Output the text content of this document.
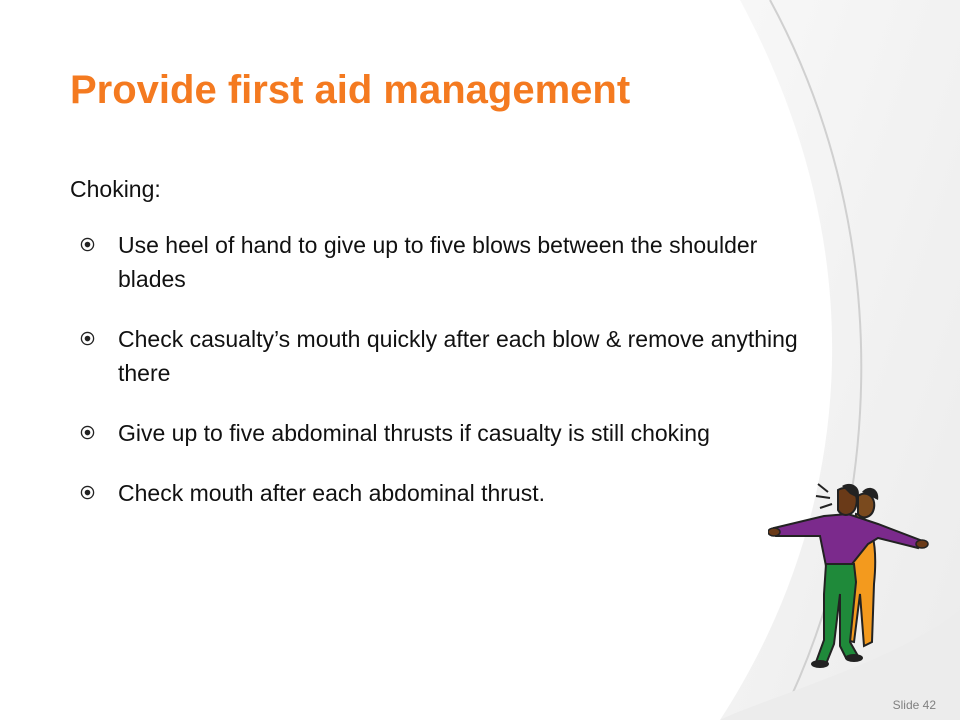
Provide first aid management

Choking:

Use heel of hand to give up to five blows between the shoulder blades
Check casualty’s mouth quickly after each blow & remove anything there
Give up to five abdominal thrusts if casualty is still choking
Check mouth after each abdominal thrust.
Slide 42
